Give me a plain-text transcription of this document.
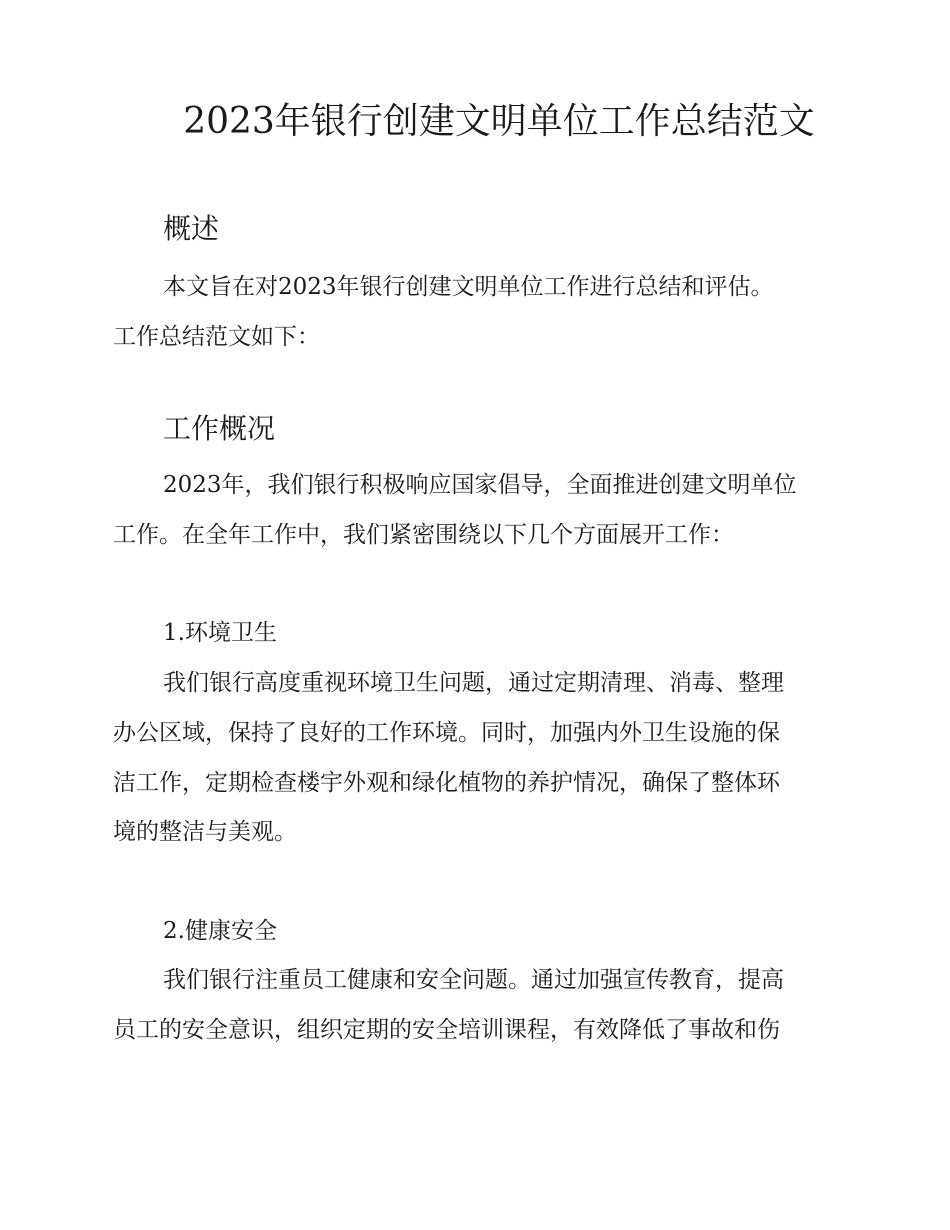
2023年银行创建文明单位工作总结范文
概述
本文旨在对2023年银行创建文明单位工作进行总结和评估。
工作总结范文如下：
工作概况
2023年，我们银行积极响应国家倡导，全面推进创建文明单位
工作。在全年工作中，我们紧密围绕以下几个方面展开工作：
1.环境卫生
我们银行高度重视环境卫生问题，通过定期清理、消毒、整理
办公区域，保持了良好的工作环境。同时，加强内外卫生设施的保
洁工作，定期检查楼宇外观和绿化植物的养护情况，确保了整体环
境的整洁与美观。
2.健康安全
我们银行注重员工健康和安全问题。通过加强宣传教育，提高
员工的安全意识，组织定期的安全培训课程，有效降低了事故和伤
